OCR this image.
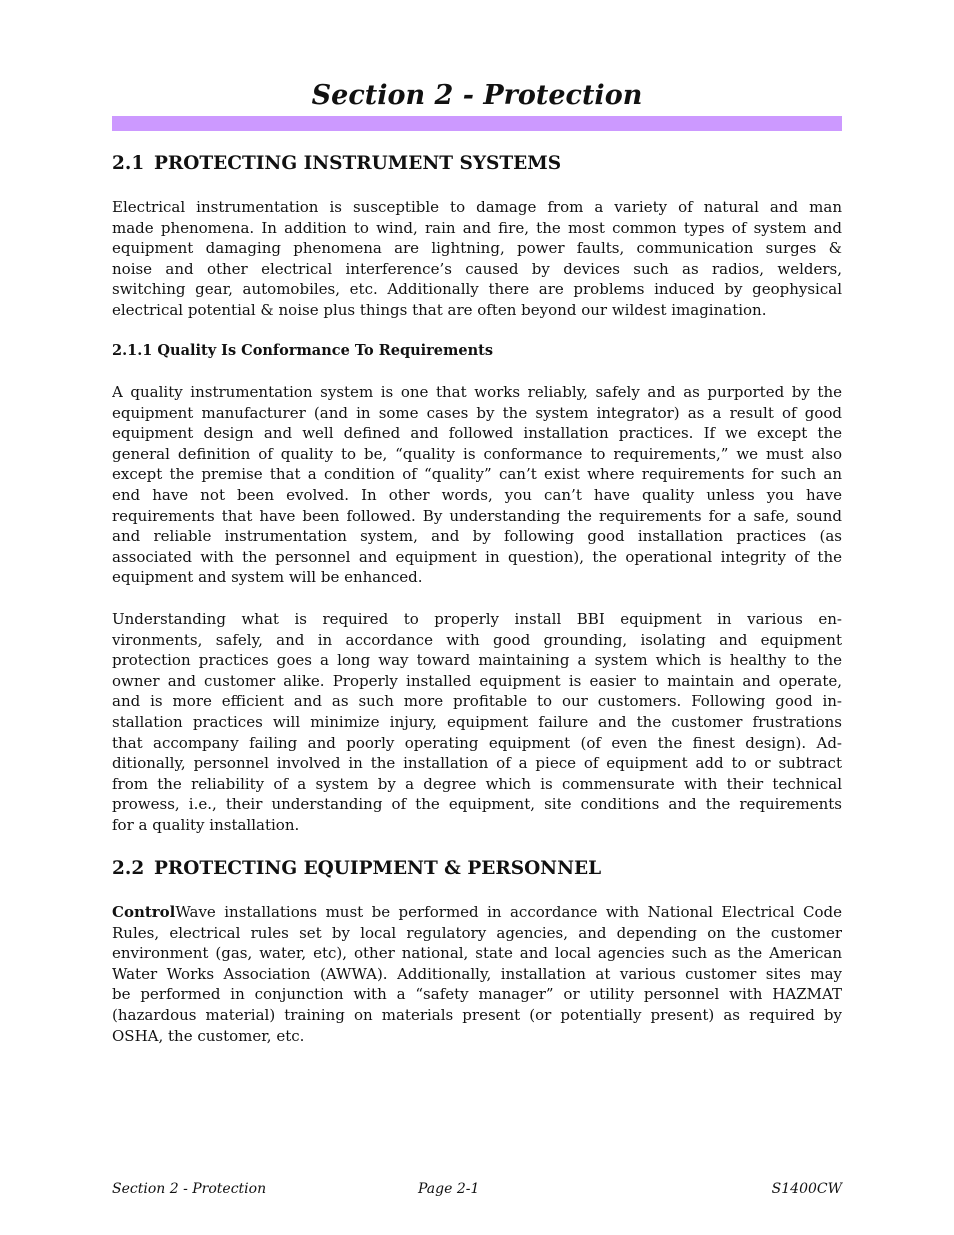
Section 2 - Protection
2.1 PROTECTING INSTRUMENT SYSTEMS
Electrical instrumentation is susceptible to damage from a variety of natural and man
made phenomena. In addition to wind, rain and fire, the most common types of system and
equipment damaging phenomena are lightning, power faults, communication surges &
noise and other electrical interference’s caused by devices such as radios, welders,
switching gear, automobiles, etc. Additionally there are problems induced by geophysical
electrical potential & noise plus things that are often beyond our wildest imagination.
2.1.1 Quality Is Conformance To Requirements
A quality instrumentation system is one that works reliably, safely and as purported by the
equipment manufacturer (and in some cases by the system integrator) as a result of good
equipment design and well defined and followed installation practices. If we except the
general definition of quality to be, “quality is conformance to requirements,” we must also
except the premise that a condition of “quality” can’t exist where requirements for such an
end have not been evolved. In other words, you can’t have quality unless you have
requirements that have been followed. By understanding the requirements for a safe, sound
and reliable instrumentation system, and by following good installation practices (as
associated with the personnel and equipment in question), the operational integrity of the
equipment and system will be enhanced.
Understanding what is required to properly install BBI equipment in various en-
vironments, safely, and in accordance with good grounding, isolating and equipment
protection practices goes a long way toward maintaining a system which is healthy to the
owner and customer alike. Properly installed equipment is easier to maintain and operate,
and is more efficient and as such more profitable to our customers. Following good in-
stallation practices will minimize injury, equipment failure and the customer frustrations
that accompany failing and poorly operating equipment (of even the finest design). Ad-
ditionally, personnel involved in the installation of a piece of equipment add to or subtract
from the reliability of a system by a degree which is commensurate with their technical
prowess, i.e., their understanding of the equipment, site conditions and the requirements
for a quality installation.
2.2 PROTECTING EQUIPMENT & PERSONNEL
ControlWave installations must be performed in accordance with National Electrical Code
Rules, electrical rules set by local regulatory agencies, and depending on the customer
environment (gas, water, etc), other national, state and local agencies such as the American
Water Works Association (AWWA). Additionally, installation at various customer sites may
be performed in conjunction with a “safety manager” or utility personnel with HAZMAT
(hazardous material) training on materials present (or potentially present) as required by
OSHA, the customer, etc.
Section 2 - Protection	Page 2-1	S1400CW
